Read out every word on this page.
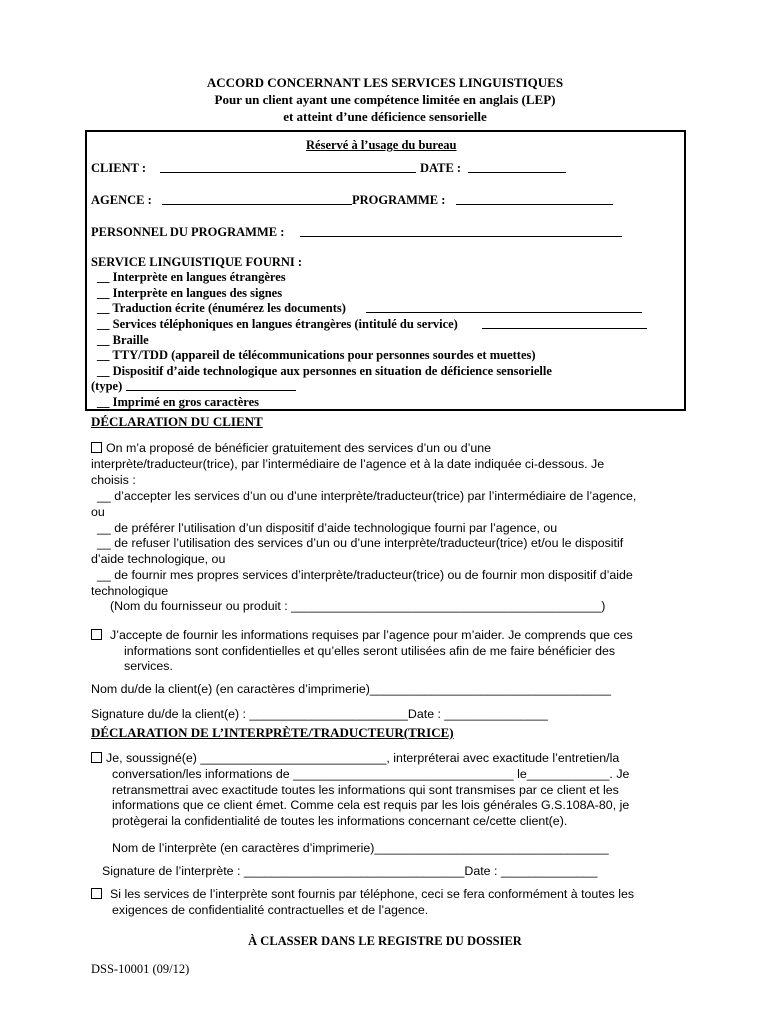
ACCORD CONCERNANT LES SERVICES LINGUISTIQUES
Pour un client ayant une compétence limitée en anglais (LEP)
et atteint d’une déficience sensorielle
Réservé à l’usage du bureau
CLIENT :	DATE :
AGENCE :	PROGRAMME :
PERSONNEL DU PROGRAMME :
SERVICE LINGUISTIQUE FOURNI :
__ Interprète en langues étrangères
__ Interprète en langues des signes
__ Traduction écrite (énumérez les documents)
__ Services téléphoniques en langues étrangères (intitulé du service)
__ Braille
__ TTY/TDD (appareil de télécommunications pour personnes sourdes et muettes)
__ Dispositif d’aide technologique aux personnes en situation de déficience sensorielle
(type)
__ Imprimé en gros caractères
DÉCLARATION DU CLIENT
On m’a proposé de bénéficier gratuitement des services d’un ou d’une
interprète/traducteur(trice), par l’intermédiaire de l’agence et à la date indiquée ci-dessous. Je
choisis :
__ d’accepter les services d’un ou d’une interprète/traducteur(trice) par l’intermédiaire de l’agence,
ou
__ de préférer l’utilisation d’un dispositif d’aide technologique fourni par l’agence, ou
__ de refuser l’utilisation des services d’un ou d’une interprète/traducteur(trice) et/ou le dispositif
d’aide technologique, ou
__ de fournir mes propres services d’interprète/traducteur(trice) ou de fournir mon dispositif d’aide
technologique
(Nom du fournisseur ou produit : _____________________________________________)
J’accepte de fournir les informations requises par l’agence pour m’aider. Je comprends que ces
informations sont confidentielles et qu’elles seront utilisées afin de me faire bénéficier des
services.
Nom du/de la client(e) (en caractères d’imprimerie)___________________________________
Signature du/de la client(e) : _______________________Date : _______________
DÉCLARATION DE L’INTERPRÈTE/TRADUCTEUR(TRICE)
Je, soussigné(e) ___________________________, interpréterai avec exactitude l’entretien/la
conversation/les informations de ________________________________ le____________. Je
retransmettrai avec exactitude toutes les informations qui sont transmises par ce client et les
informations que ce client émet. Comme cela est requis par les lois générales G.S.108A-80, je
protègerai la confidentialité de toutes les informations concernant ce/cette client(e).
Nom de l’interprète (en caractères d’imprimerie)__________________________________
Signature de l’interprète : ________________________________Date : ______________
Si les services de l’interprète sont fournis par téléphone, ceci se fera conformément à toutes les
exigences de confidentialité contractuelles et de l’agence.
À CLASSER DANS LE REGISTRE DU DOSSIER
DSS-10001 (09/12)
